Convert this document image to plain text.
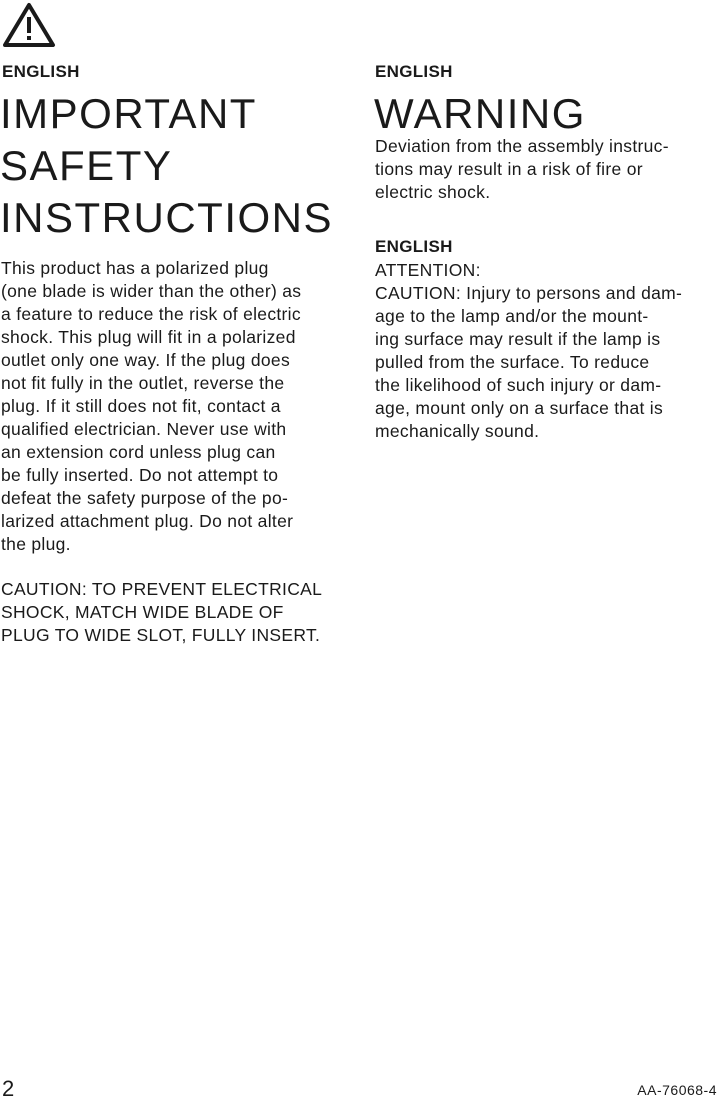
ENGLISH
IMPORTANT
SAFETY
INSTRUCTIONS

This product has a polarized plug
(one blade is wider than the other) as
a feature to reduce the risk of electric
shock. This plug will fit in a polarized
outlet only one way. If the plug does
not fit fully in the outlet, reverse the
plug. If it still does not fit, contact a
qualified electrician. Never use with
an extension cord unless plug can
be fully inserted. Do not attempt to
defeat the safety purpose of the po-
larized attachment plug. Do not alter
the plug.

CAUTION: TO PREVENT ELECTRICAL
SHOCK, MATCH WIDE BLADE OF
PLUG TO WIDE SLOT, FULLY INSERT.

ENGLISH
WARNING

Deviation from the assembly instruc-
tions may result in a risk of fire or
electric shock.

ENGLISH

ATTENTION:
CAUTION: Injury to persons and dam-
age to the lamp and/or the mount-
ing surface may result if the lamp is
pulled from the surface. To reduce
the likelihood of such injury or dam-
age, mount only on a surface that is
mechanically sound.

2	AA-76068-4
